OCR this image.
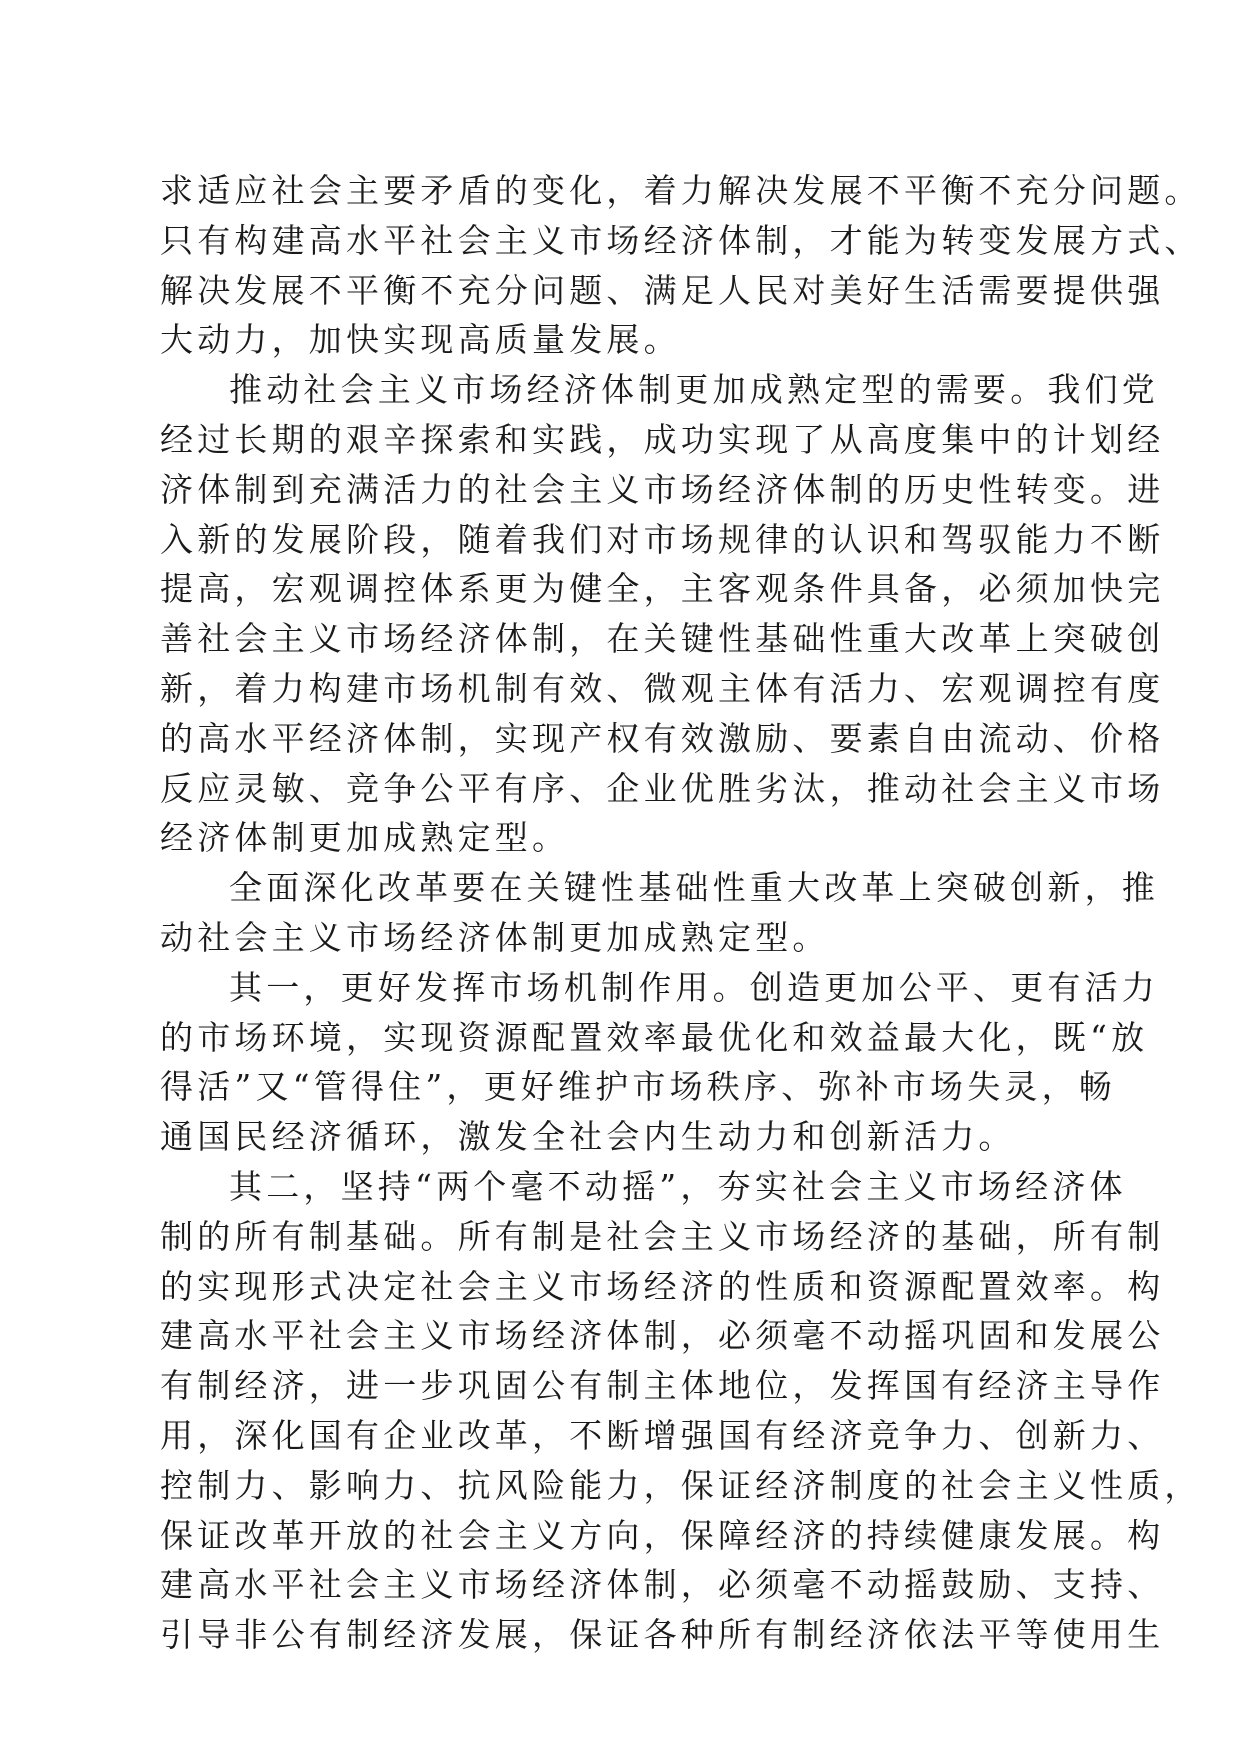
求适应社会主要矛盾的变化，着力解决发展不平衡不充分问题。
只有构建高水平社会主义市场经济体制，才能为转变发展方式、
解决发展不平衡不充分问题、满足人民对美好生活需要提供强
大动力，加快实现高质量发展。
推动社会主义市场经济体制更加成熟定型的需要。我们党
经过长期的艰辛探索和实践，成功实现了从高度集中的计划经
济体制到充满活力的社会主义市场经济体制的历史性转变。进
入新的发展阶段，随着我们对市场规律的认识和驾驭能力不断
提高，宏观调控体系更为健全，主客观条件具备，必须加快完
善社会主义市场经济体制，在关键性基础性重大改革上突破创
新，着力构建市场机制有效、微观主体有活力、宏观调控有度
的高水平经济体制，实现产权有效激励、要素自由流动、价格
反应灵敏、竞争公平有序、企业优胜劣汰，推动社会主义市场
经济体制更加成熟定型。
全面深化改革要在关键性基础性重大改革上突破创新，推
动社会主义市场经济体制更加成熟定型。
其一，更好发挥市场机制作用。创造更加公平、更有活力
的市场环境，实现资源配置效率最优化和效益最大化，既“放
得活”又“管得住”，更好维护市场秩序、弥补市场失灵，畅
通国民经济循环，激发全社会内生动力和创新活力。
其二，坚持“两个毫不动摇”，夯实社会主义市场经济体
制的所有制基础。所有制是社会主义市场经济的基础，所有制
的实现形式决定社会主义市场经济的性质和资源配置效率。构
建高水平社会主义市场经济体制，必须毫不动摇巩固和发展公
有制经济，进一步巩固公有制主体地位，发挥国有经济主导作
用，深化国有企业改革，不断增强国有经济竞争力、创新力、
控制力、影响力、抗风险能力，保证经济制度的社会主义性质，
保证改革开放的社会主义方向，保障经济的持续健康发展。构
建高水平社会主义市场经济体制，必须毫不动摇鼓励、支持、
引导非公有制经济发展，保证各种所有制经济依法平等使用生
